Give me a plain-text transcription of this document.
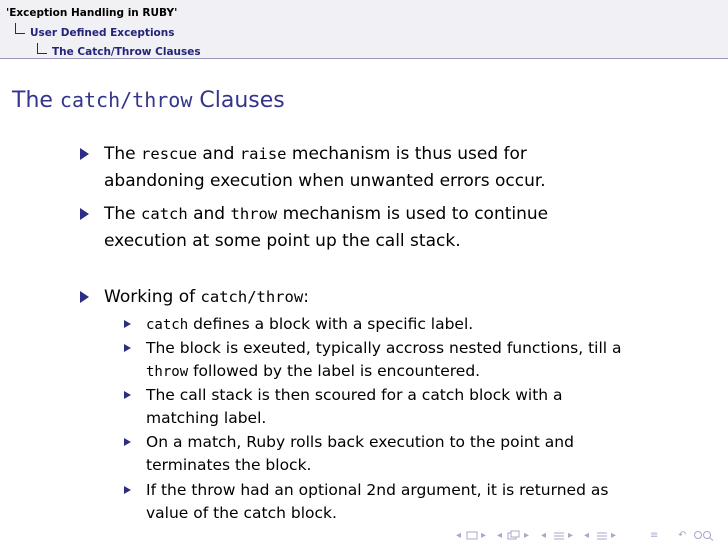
'Exception Handling in RUBY'
User Defined Exceptions
The Catch/Throw Clauses
The catch/throw Clauses
The rescue and raise mechanism is thus used for
abandoning execution when unwanted errors occur.
The catch and throw mechanism is used to continue
execution at some point up the call stack.
Working of catch/throw:
catch defines a block with a specific label.
The block is exeuted, typically accross nested functions, till a
throw followed by the label is encountered.
The call stack is then scoured for a catch block with a
matching label.
On a match, Ruby rolls back execution to the point and
terminates the block.
If the throw had an optional 2nd argument, it is returned as
value of the catch block.
◂ ▸ ◂ ▸ ◂ ▸ ◂ ▸	≡ ↶
